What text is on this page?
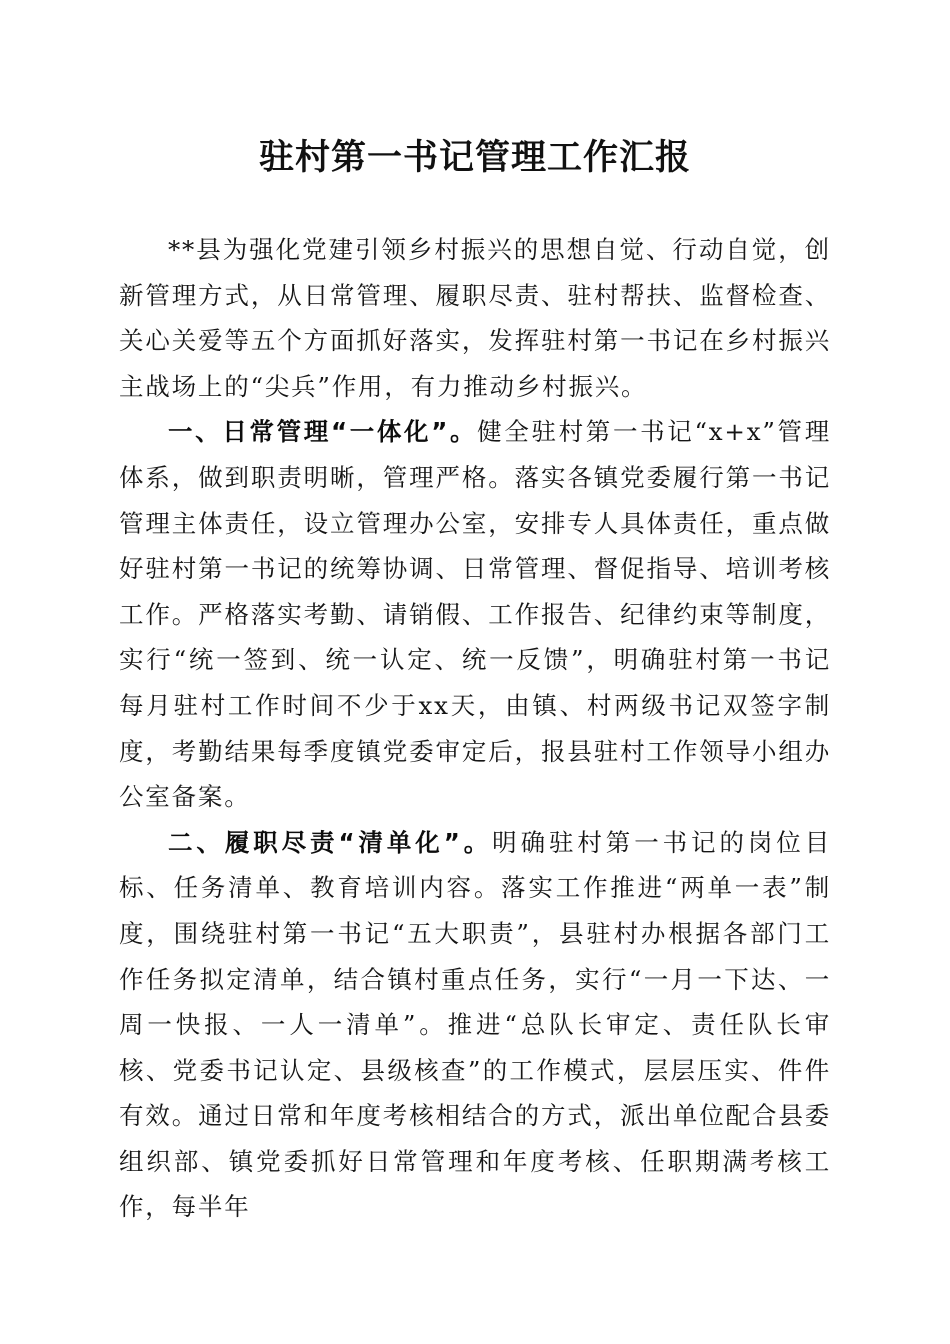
驻村第一书记管理工作汇报

**县为强化党建引领乡村振兴的思想自觉、行动自觉，创新管理方式，从日常管理、履职尽责、驻村帮扶、监督检查、关心关爱等五个方面抓好落实，发挥驻村第一书记在乡村振兴主战场上的“尖兵”作用，有力推动乡村振兴。

一、日常管理“一体化”。健全驻村第一书记“x+x”管理体系，做到职责明晰，管理严格。落实各镇党委履行第一书记管理主体责任，设立管理办公室，安排专人具体责任，重点做好驻村第一书记的统筹协调、日常管理、督促指导、培训考核工作。严格落实考勤、请销假、工作报告、纪律约束等制度，实行“统一签到、统一认定、统一反馈”，明确驻村第一书记每月驻村工作时间不少于xx天，由镇、村两级书记双签字制度，考勤结果每季度镇党委审定后，报县驻村工作领导小组办公室备案。

二、履职尽责“清单化”。明确驻村第一书记的岗位目标、任务清单、教育培训内容。落实工作推进“两单一表”制度，围绕驻村第一书记“五大职责”，县驻村办根据各部门工作任务拟定清单，结合镇村重点任务，实行“一月一下达、一周一快报、一人一清单”。推进“总队长审定、责任队长审核、党委书记认定、县级核查”的工作模式，层层压实、件件有效。通过日常和年度考核相结合的方式，派出单位配合县委组织部、镇党委抓好日常管理和年度考核、任职期满考核工作，每半年
